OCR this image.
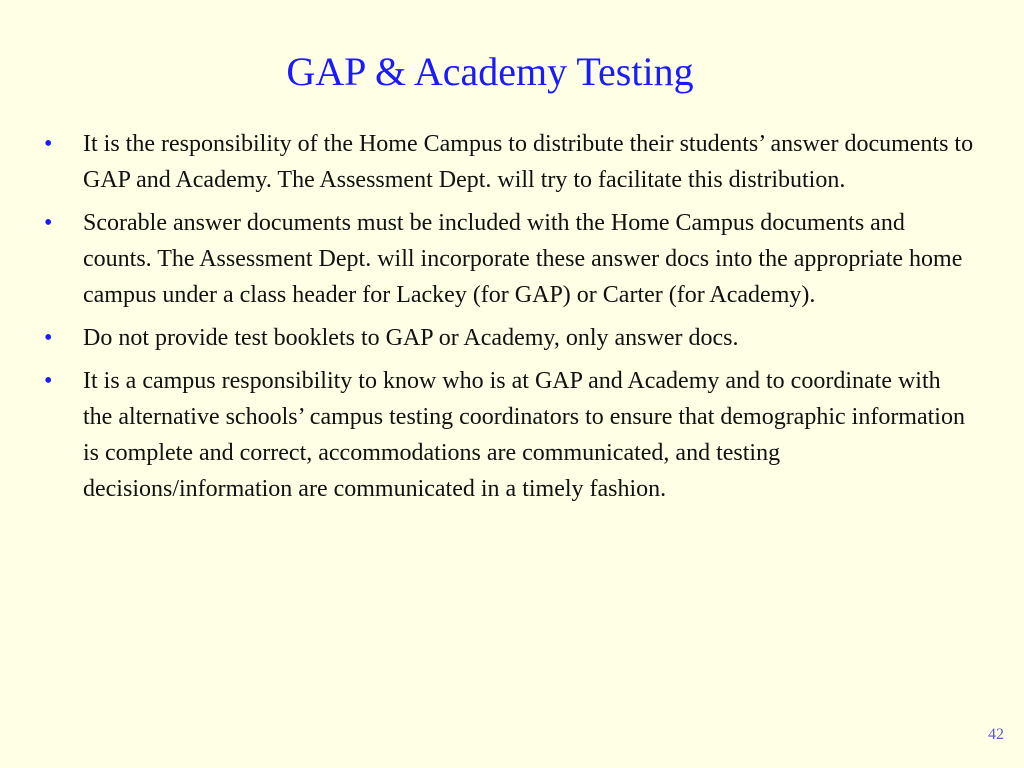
GAP & Academy Testing
• It is the responsibility of the Home Campus to distribute their students’ answer documents to GAP and Academy. The Assessment Dept. will try to facilitate this distribution.
• Scorable answer documents must be included with the Home Campus documents and counts. The Assessment Dept. will incorporate these answer docs into the appropriate home campus under a class header for Lackey (for GAP) or Carter (for Academy).
• Do not provide test booklets to GAP or Academy, only answer docs.
• It is a campus responsibility to know who is at GAP and Academy and to coordinate with the alternative schools’ campus testing coordinators to ensure that demographic information is complete and correct, accommodations are communicated, and testing decisions/information are communicated in a timely fashion.
42
